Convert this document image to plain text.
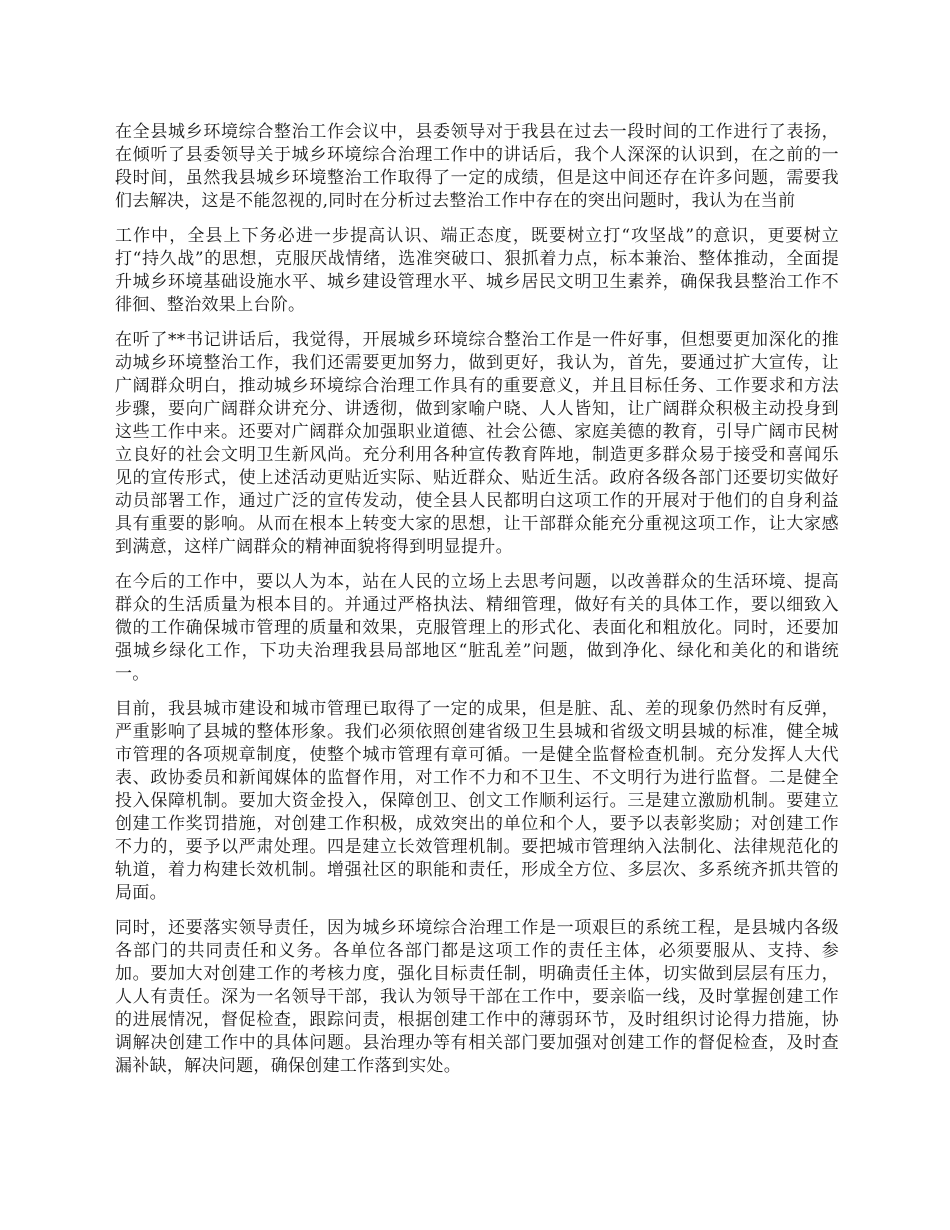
在全县城乡环境综合整治工作会议中，县委领导对于我县在过去一段时间的工作进行了表扬，在倾听了县委领导关于城乡环境综合治理工作中的讲话后，我个人深深的认识到，在之前的一段时间，虽然我县城乡环境整治工作取得了一定的成绩，但是这中间还存在许多问题，需要我们去解决，这是不能忽视的,同时在分析过去整治工作中存在的突出问题时，我认为在当前

工作中，全县上下务必进一步提高认识、端正态度，既要树立打“攻坚战”的意识，更要树立打“持久战”的思想，克服厌战情绪，选准突破口、狠抓着力点，标本兼治、整体推动，全面提升城乡环境基础设施水平、城乡建设管理水平、城乡居民文明卫生素养，确保我县整治工作不徘徊、整治效果上台阶。

在听了**书记讲话后，我觉得，开展城乡环境综合整治工作是一件好事，但想要更加深化的推动城乡环境整治工作，我们还需要更加努力，做到更好，我认为，首先，要通过扩大宣传，让广阔群众明白，推动城乡环境综合治理工作具有的重要意义，并且目标任务、工作要求和方法步骤，要向广阔群众讲充分、讲透彻，做到家喻户晓、人人皆知，让广阔群众积极主动投身到这些工作中来。还要对广阔群众加强职业道德、社会公德、家庭美德的教育，引导广阔市民树立良好的社会文明卫生新风尚。充分利用各种宣传教育阵地，制造更多群众易于接受和喜闻乐见的宣传形式，使上述活动更贴近实际、贴近群众、贴近生活。政府各级各部门还要切实做好动员部署工作，通过广泛的宣传发动，使全县人民都明白这项工作的开展对于他们的自身利益具有重要的影响。从而在根本上转变大家的思想，让干部群众能充分重视这项工作，让大家感到满意，这样广阔群众的精神面貌将得到明显提升。

在今后的工作中，要以人为本，站在人民的立场上去思考问题，以改善群众的生活环境、提高群众的生活质量为根本目的。并通过严格执法、精细管理，做好有关的具体工作，要以细致入微的工作确保城市管理的质量和效果，克服管理上的形式化、表面化和粗放化。同时，还要加强城乡绿化工作，下功夫治理我县局部地区“脏乱差”问题，做到净化、绿化和美化的和谐统一。

目前，我县城市建设和城市管理已取得了一定的成果，但是脏、乱、差的现象仍然时有反弹，严重影响了县城的整体形象。我们必须依照创建省级卫生县城和省级文明县城的标准，健全城市管理的各项规章制度，使整个城市管理有章可循。一是健全监督检查机制。充分发挥人大代表、政协委员和新闻媒体的监督作用，对工作不力和不卫生、不文明行为进行监督。二是健全投入保障机制。要加大资金投入，保障创卫、创文工作顺利运行。三是建立激励机制。要建立创建工作奖罚措施，对创建工作积极，成效突出的单位和个人，要予以表彰奖励；对创建工作不力的，要予以严肃处理。四是建立长效管理机制。要把城市管理纳入法制化、法律规范化的轨道，着力构建长效机制。增强社区的职能和责任，形成全方位、多层次、多系统齐抓共管的局面。

同时，还要落实领导责任，因为城乡环境综合治理工作是一项艰巨的系统工程，是县城内各级各部门的共同责任和义务。各单位各部门都是这项工作的责任主体，必须要服从、支持、参加。要加大对创建工作的考核力度，强化目标责任制，明确责任主体，切实做到层层有压力，人人有责任。深为一名领导干部，我认为领导干部在工作中，要亲临一线，及时掌握创建工作的进展情况，督促检查，跟踪问责，根据创建工作中的薄弱环节，及时组织讨论得力措施，协调解决创建工作中的具体问题。县治理办等有相关部门要加强对创建工作的督促检查，及时查漏补缺，解决问题，确保创建工作落到实处。
